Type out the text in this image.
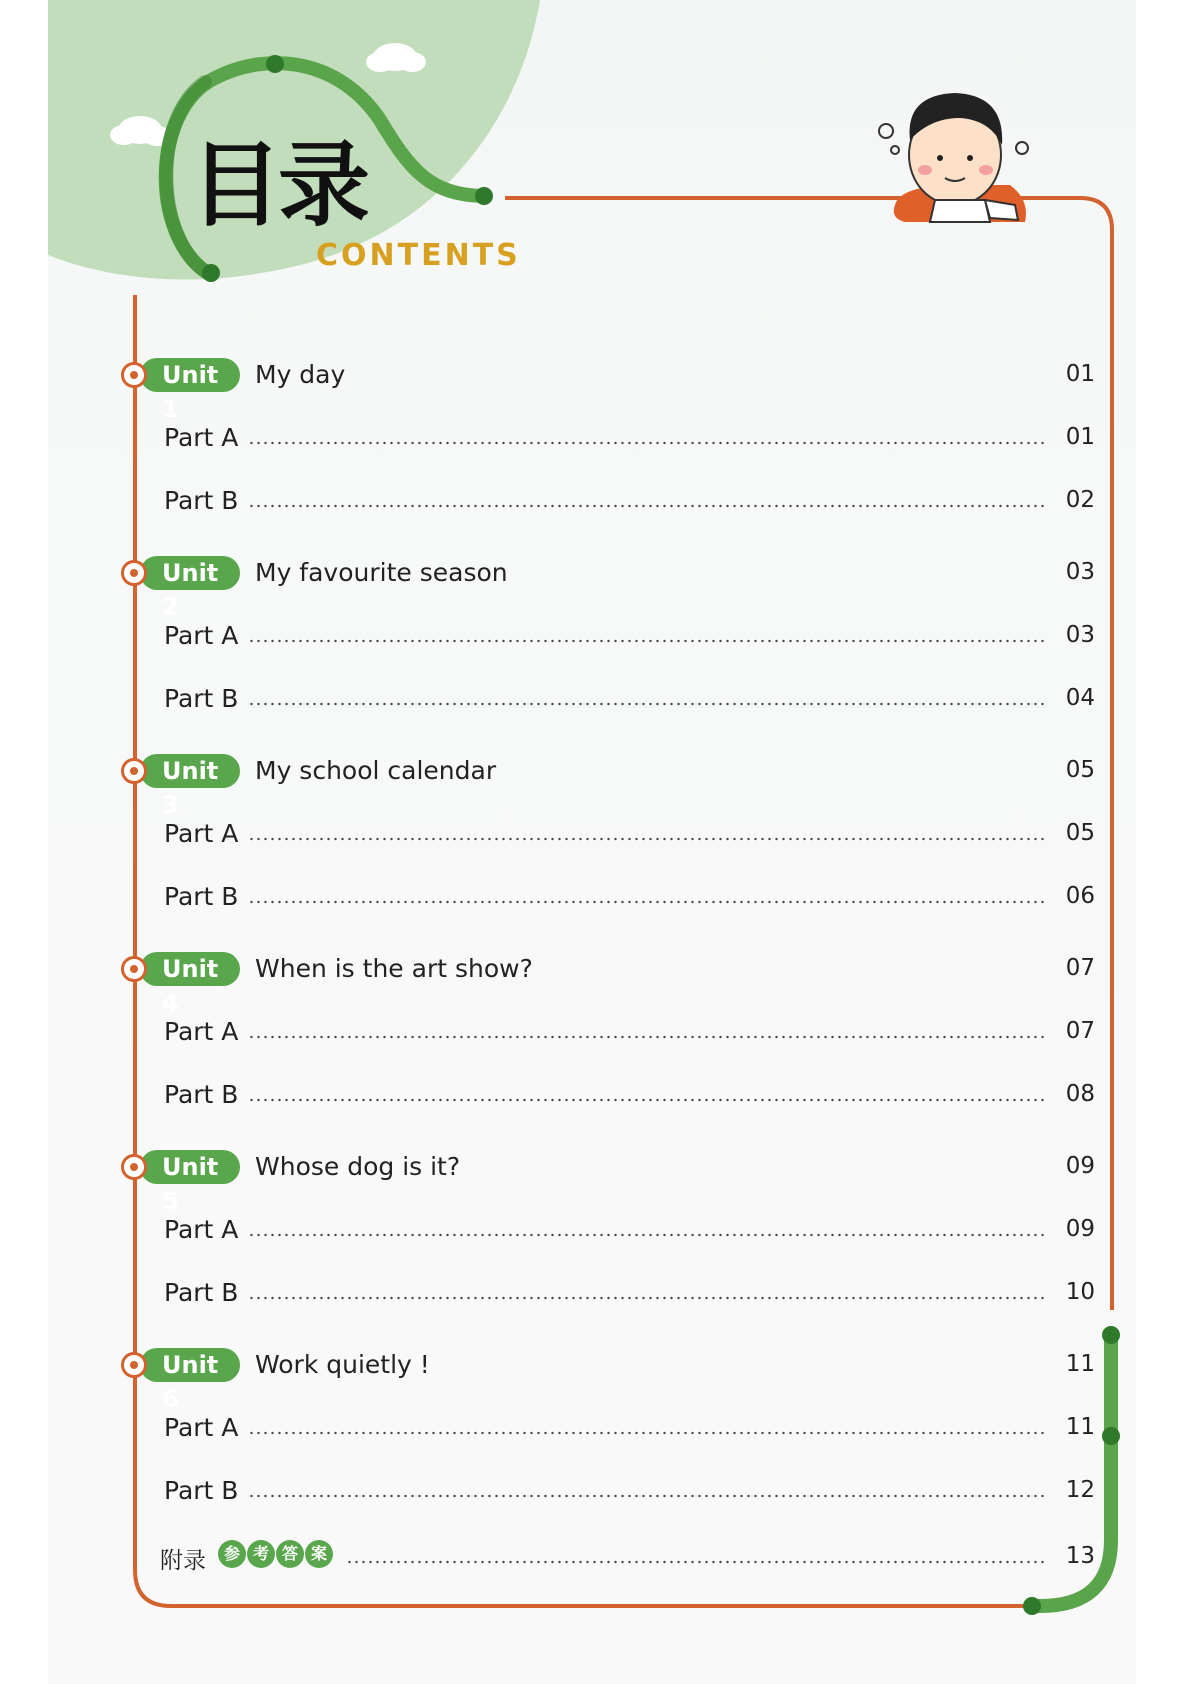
目录
CONTENTS
Unit 1
My day	01
Part A	01
Part B	02
Unit 2
My favourite season	03
Part A	03
Part B	04
Unit 3
My school calendar	05
Part A	05
Part B	06
Unit 4
When is the art show?	07
Part A	07
Part B	08
Unit 5
Whose dog is it?	09
Part A	09
Part B	10
Unit 6
Work quietly !	11
Part A	11
Part B	12
附录	参 考 答 案	13
